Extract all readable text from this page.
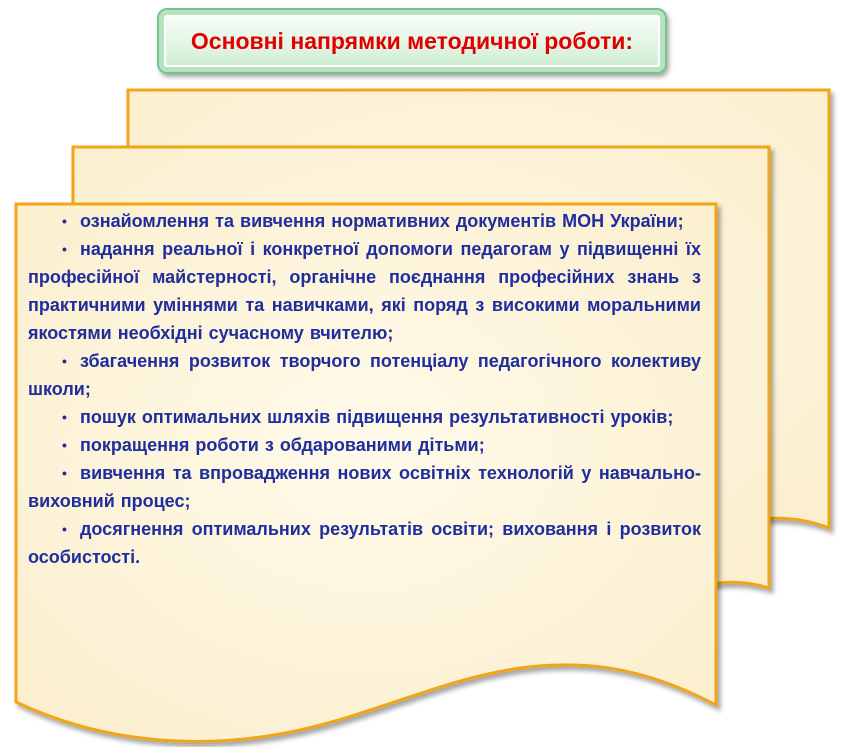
Основні напрямки методичної роботи:
• ознайомлення та вивчення нормативних документів МОН України;
• надання реальної і конкретної допомоги педагогам у підвищенні їх професійної майстерності, органічне поєднання професійних знань з практичними уміннями та навичками, які поряд з високими моральними якостями необхідні сучасному вчителю;
• збагачення розвиток творчого потенціалу педагогічного колективу школи;
• пошук оптимальних шляхів підвищення результативності уроків;
• покращення роботи з обдарованими дітьми;
• вивчення та впровадження нових освітніх технологій у навчально- виховний процес;
• досягнення оптимальних результатів освіти; виховання і розвиток особистості.
